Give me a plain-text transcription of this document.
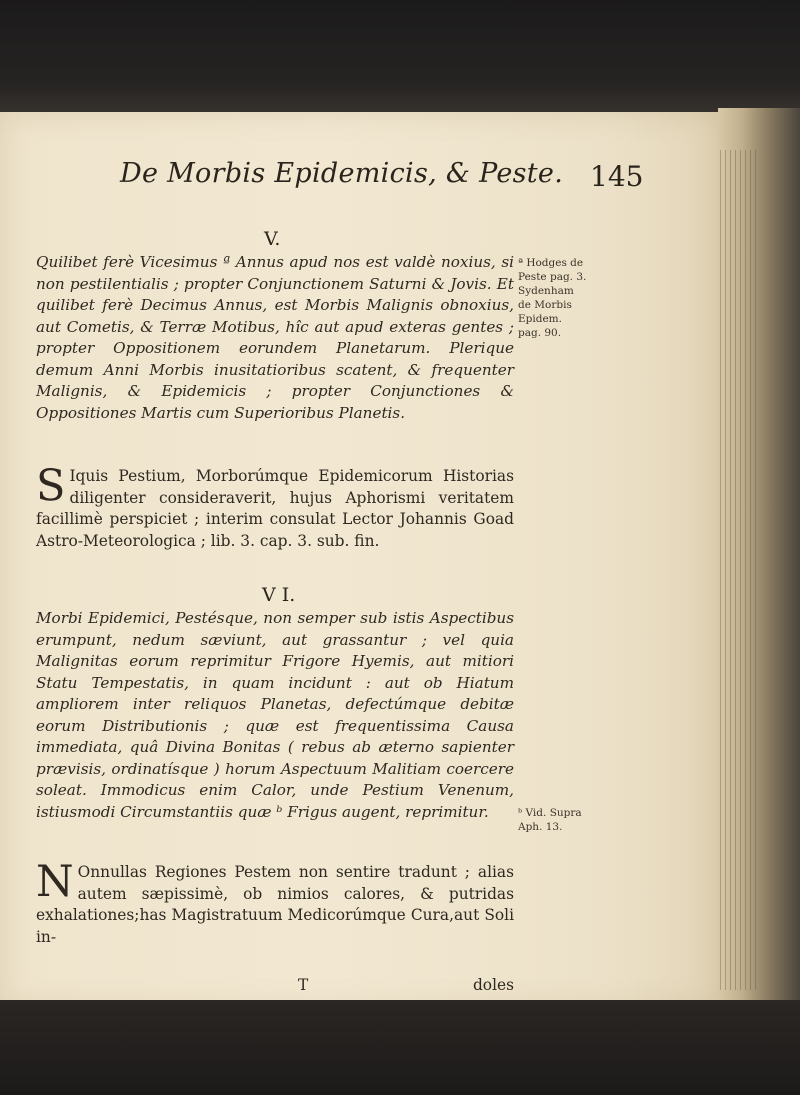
De Morbis Epidemicis, & Peste. 145
V.
Quilibet ferè Vicesimus ª Annus apud nos est valdè noxius, si non pestilentialis ; propter Conjunctionem Saturni & Jovis. Et quilibet ferè Decimus Annus, est Morbis Malignis obnoxius, aut Cometis, & Terræ Motibus, hîc aut apud exteras gentes ; propter Oppositionem eorundem Planetarum. Plerique demum Anni Morbis inusitatioribus scatent, & frequenter Malignis, & Epidemicis ; propter Conjunctiones & Oppositiones Martis cum Superioribus Planetis.
ª Hodges de Peste pag. 3. Sydenham de Morbis Epidem. pag. 90.
S Iquis Pestium, Morborúmque Epidemicorum Historias diligenter consideraverit, hujus Aphorismi veritatem facillimè perspiciet ; interim consulat Lector Johannis Goad Astro-Meteorologica ; lib. 3. cap. 3. sub. fin.
V I.
Morbi Epidemici, Pestésque, non semper sub istis Aspectibus erumpunt, nedum sæviunt, aut grassantur ; vel quia Malignitas eorum reprimitur Frigore Hyemis, aut mitiori Statu Tempestatis, in quam incidunt : aut ob Hiatum ampliorem inter reliquos Planetas, defectúmque debitæ eorum Distributionis ; quæ est frequentissima Causa immediata, quâ Divina Bonitas ( rebus ab æterno sapienter prævisis, ordinatísque ) horum Aspectuum Malitiam coercere soleat. Immodicus enim Calor, unde Pestium Venenum, istiusmodi Circumstantiis quæ ᵇ Frigus augent, reprimitur.	ᵇ Vid. Supra Aph. 13.
N Onnullas Regiones Pestem non sentire tradunt ; alias autem sæpissimè, ob nimios calores, & putridas exhalationes;has Magistratuum Medicorúmque Cura,aut Soli in-
T	doles
